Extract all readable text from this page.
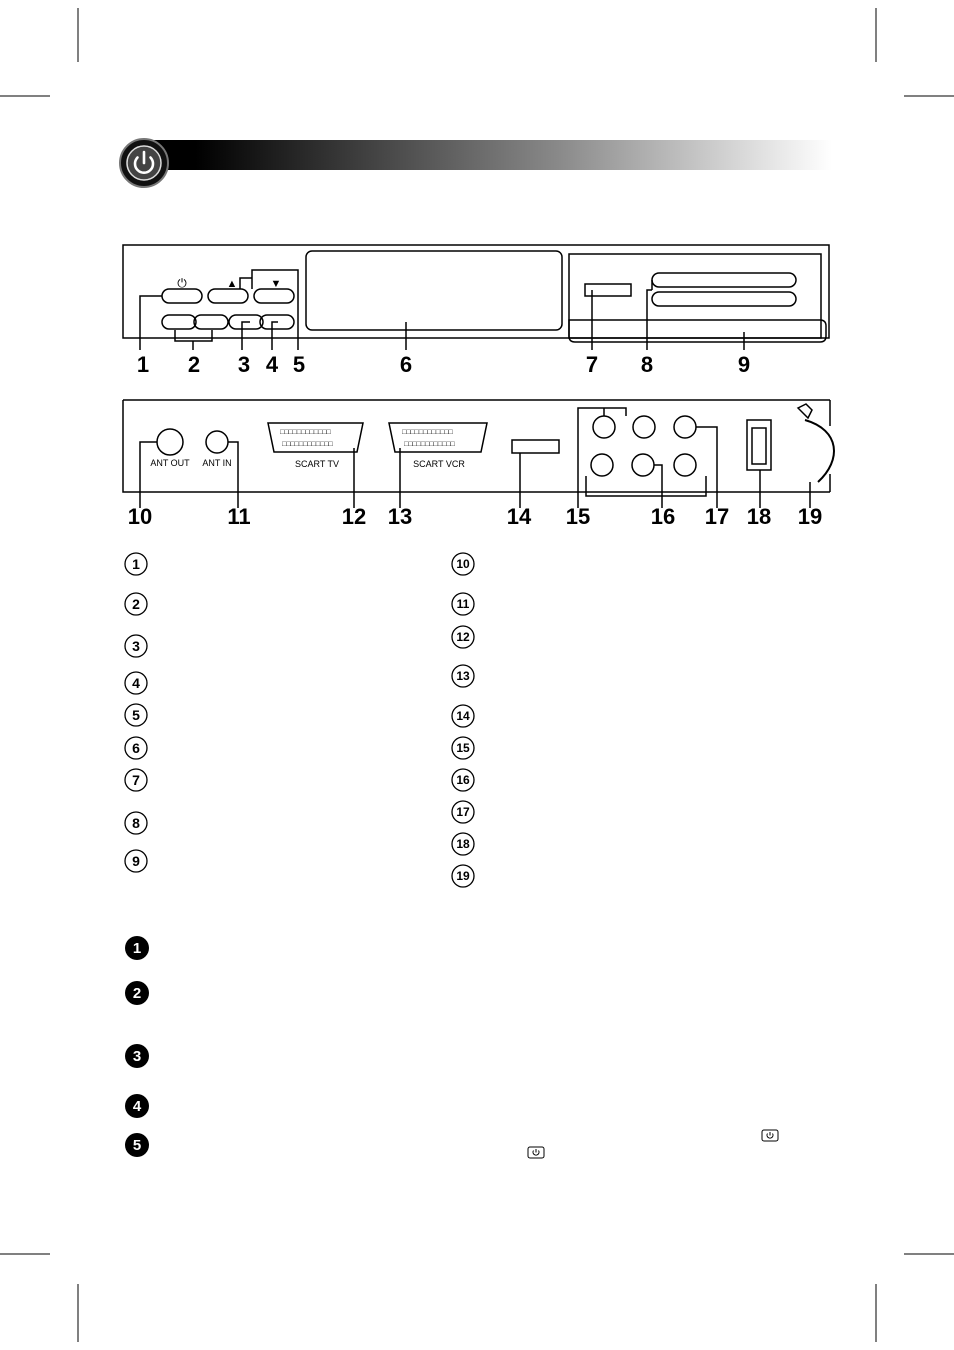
⏻	▲	▼
1 2 3 4 5	6	7 8	9
□□□□□□□□□□□□
□□□□□□□□□□□□
□□□□□□□□□□□□
□□□□□□□□□□□□
ANT OUT ANT IN	SCART TV	SCART VCR
10	11	12 13	14 15	16 17 18 19
1
2
3
4
5
6
7
8
9
10
11
12
13
14
15
16
17
18
19
1
2
3
4
5
